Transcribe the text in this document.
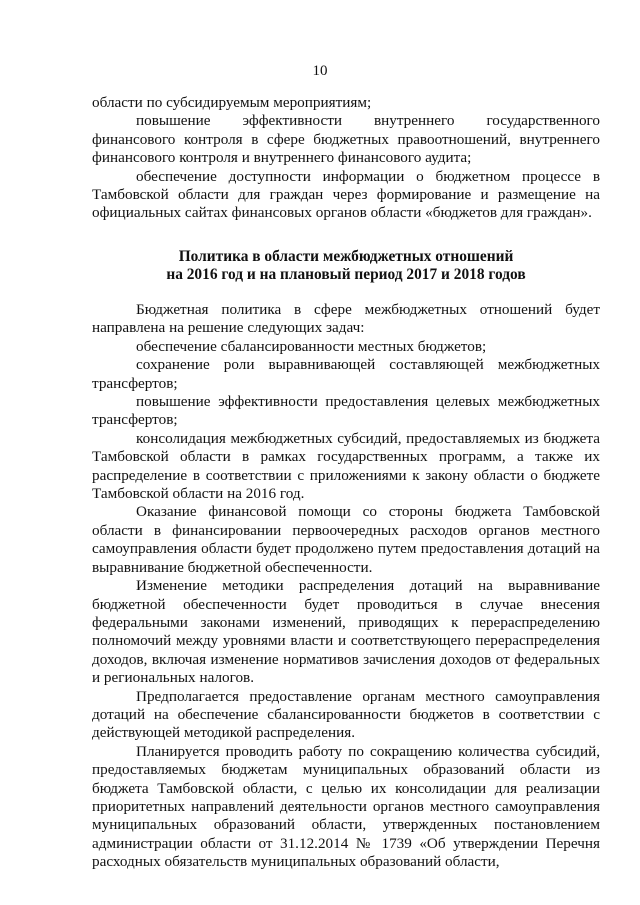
10

области по субсидируемым мероприятиям;

повышение эффективности внутреннего государственного финансового контроля в сфере бюджетных правоотношений, внутреннего финансового контроля и внутреннего финансового аудита;

обеспечение доступности информации о бюджетном процессе в Тамбовской области для граждан через формирование и размещение на официальных сайтах финансовых органов области «бюджетов для граждан».

Политика в области межбюджетных отношений
на 2016 год и на плановый период 2017 и 2018 годов

Бюджетная политика в сфере межбюджетных отношений будет направлена на решение следующих задач:

обеспечение сбалансированности местных бюджетов;

сохранение роли выравнивающей составляющей межбюджетных трансфертов;

повышение эффективности предоставления целевых межбюджетных трансфертов;

консолидация межбюджетных субсидий, предоставляемых из бюджета Тамбовской области в рамках государственных программ, а также их распределение в соответствии с приложениями к закону области о бюджете Тамбовской области на 2016 год.

Оказание финансовой помощи со стороны бюджета Тамбовской области в финансировании первоочередных расходов органов местного самоуправления области будет продолжено путем предоставления дотаций на выравнивание бюджетной обеспеченности.

Изменение методики распределения дотаций на выравнивание бюджетной обеспеченности будет проводиться в случае внесения федеральными законами изменений, приводящих к перераспределению полномочий между уровнями власти и соответствующего перераспределения доходов, включая изменение нормативов зачисления доходов от федеральных и региональных налогов.

Предполагается предоставление органам местного самоуправления дотаций на обеспечение сбалансированности бюджетов в соответствии с действующей методикой распределения.

Планируется проводить работу по сокращению количества субсидий, предоставляемых бюджетам муниципальных образований области из бюджета Тамбовской области, с целью их консолидации для реализации приоритетных направлений деятельности органов местного самоуправления муниципальных образований области, утвержденных постановлением администрации области от 31.12.2014 № 1739 «Об утверждении Перечня расходных обязательств муниципальных образований области,
